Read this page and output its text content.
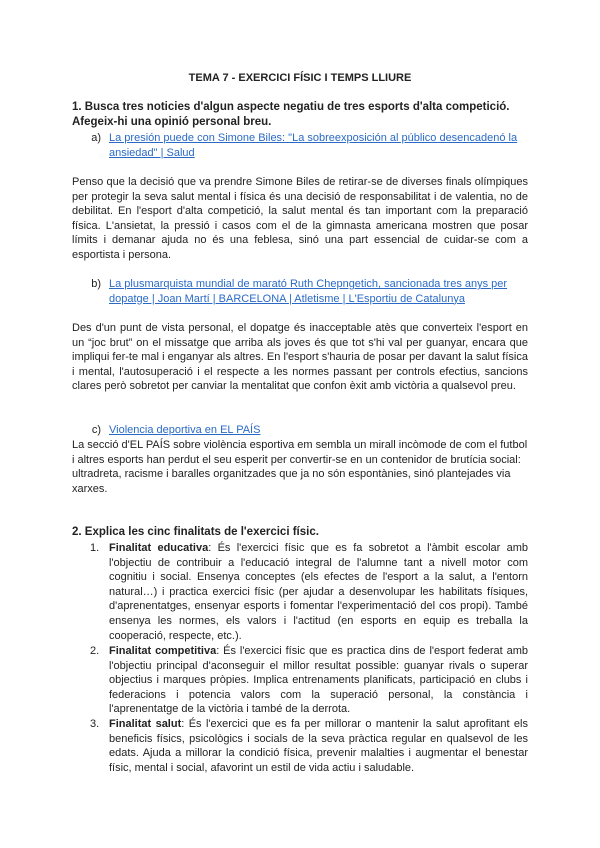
TEMA 7 - EXERCICI FÍSIC I TEMPS LLIURE
1. Busca tres noticies d'algun aspecte negatiu de tres esports d'alta competició. Afegeix-hi una opinió personal breu.
a) La presión puede con Simone Biles: "La sobreexposición al público desencadenó la ansiedad" | Salud
Penso que la decisió que va prendre Simone Biles de retirar-se de diverses finals olímpiques per protegir la seva salut mental i física és una decisió de responsabilitat i de valentia, no de debilitat. En l'esport d'alta competició, la salut mental és tan important com la preparació física. L'ansietat, la pressió i casos com el de la gimnasta americana mostren que posar límits i demanar ajuda no és una feblesa, sinó una part essencial de cuidar-se com a esportista i persona.
b) La plusmarquista mundial de marató Ruth Chepngetich, sancionada tres anys per dopatge | Joan Martí | BARCELONA | Atletisme | L'Esportiu de Catalunya
Des d'un punt de vista personal, el dopatge és inacceptable atès que converteix l'esport en un “joc brut” on el missatge que arriba als joves és que tot s'hi val per guanyar, encara que impliqui fer-te mal i enganyar als altres. En l'esport s'hauria de posar per davant la salut física i mental, l'autosuperació i el respecte a les normes passant per controls efectius, sancions clares però sobretot per canviar la mentalitat que confon èxit amb victòria a qualsevol preu.
c) Violencia deportiva en EL PAÍS
La secció d'EL PAÍS sobre violència esportiva em sembla un mirall incòmode de com el futbol i altres esports han perdut el seu esperit per convertir-se en un contenidor de brutícia social: ultradreta, racisme i baralles organitzades que ja no són espontànies, sinó plantejades via xarxes.
2. Explica les cinc finalitats de l'exercici físic.
1. Finalitat educativa: És l'exercici físic que es fa sobretot a l'àmbit escolar amb l'objectiu de contribuir a l'educació integral de l'alumne tant a nivell motor com cognitiu i social. Ensenya conceptes (els efectes de l'esport a la salut, a l'entorn natural…) i practica exercici físic (per ajudar a desenvolupar les habilitats físiques, d'aprenentatges, ensenyar esports i fomentar l'experimentació del cos propi). També ensenya les normes, els valors i l'actitud (en esports en equip es treballa la cooperació, respecte, etc.).
2. Finalitat competitiva: És l'exercici físic que es practica dins de l'esport federat amb l'objectiu principal d'aconseguir el millor resultat possible: guanyar rivals o superar objectius i marques pròpies. Implica entrenaments planificats, participació en clubs i federacions i potencia valors com la superació personal, la constància i l'aprenentatge de la victòria i també de la derrota.
3. Finalitat salut: És l'exercici que es fa per millorar o mantenir la salut aprofitant els beneficis físics, psicològics i socials de la seva pràctica regular en qualsevol de les edats. Ajuda a millorar la condició física, prevenir malalties i augmentar el benestar físic, mental i social, afavorint un estil de vida actiu i saludable.
